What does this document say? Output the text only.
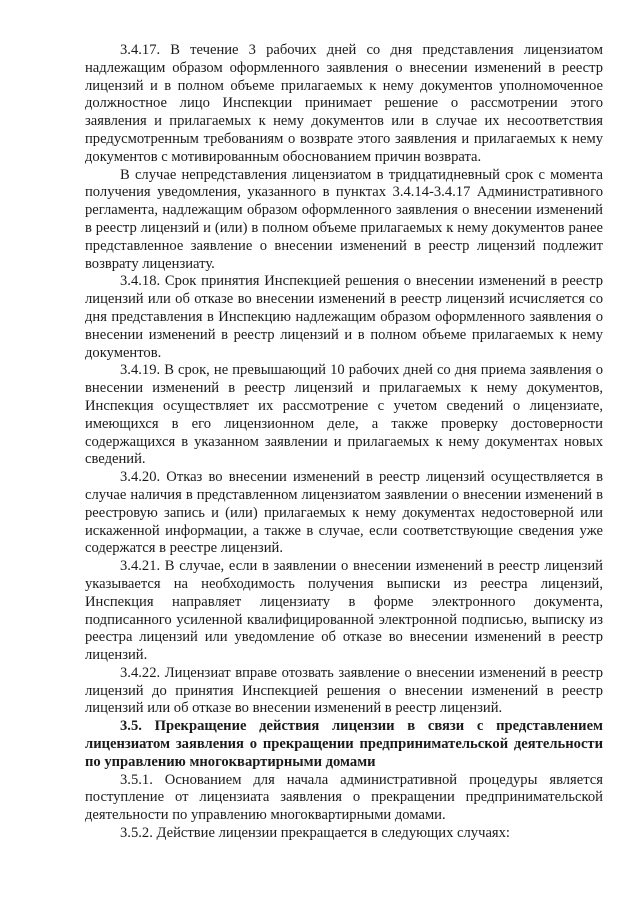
3.4.17. В течение 3 рабочих дней со дня представления лицензиатом надлежащим образом оформленного заявления о внесении изменений в реестр лицензий и в полном объеме прилагаемых к нему документов уполномоченное должностное лицо Инспекции принимает решение о рассмотрении этого заявления и прилагаемых к нему документов или в случае их несоответствия предусмотренным требованиям о возврате этого заявления и прилагаемых к нему документов с мотивированным обоснованием причин возврата.

В случае непредставления лицензиатом в тридцатидневный срок с момента получения уведомления, указанного в пунктах 3.4.14-3.4.17 Административного регламента, надлежащим образом оформленного заявления о внесении изменений в реестр лицензий и (или) в полном объеме прилагаемых к нему документов ранее представленное заявление о внесении изменений в реестр лицензий подлежит возврату лицензиату.

3.4.18. Срок принятия Инспекцией решения о внесении изменений в реестр лицензий или об отказе во внесении изменений в реестр лицензий исчисляется со дня представления в Инспекцию надлежащим образом оформленного заявления о внесении изменений в реестр лицензий и в полном объеме прилагаемых к нему документов.

3.4.19. В срок, не превышающий 10 рабочих дней со дня приема заявления о внесении изменений в реестр лицензий и прилагаемых к нему документов, Инспекция осуществляет их рассмотрение с учетом сведений о лицензиате, имеющихся в его лицензионном деле, а также проверку достоверности содержащихся в указанном заявлении и прилагаемых к нему документах новых сведений.

3.4.20. Отказ во внесении изменений в реестр лицензий осуществляется в случае наличия в представленном лицензиатом заявлении о внесении изменений в реестровую запись и (или) прилагаемых к нему документах недостоверной или искаженной информации, а также в случае, если соответствующие сведения уже содержатся в реестре лицензий.

3.4.21. В случае, если в заявлении о внесении изменений в реестр лицензий указывается на необходимость получения выписки из реестра лицензий, Инспекция направляет лицензиату в форме электронного документа, подписанного усиленной квалифицированной электронной подписью, выписку из реестра лицензий или уведомление об отказе во внесении изменений в реестр лицензий.

3.4.22. Лицензиат вправе отозвать заявление о внесении изменений в реестр лицензий до принятия Инспекцией решения о внесении изменений в реестр лицензий или об отказе во внесении изменений в реестр лицензий.

3.5. Прекращение действия лицензии в связи с представлением лицензиатом заявления о прекращении предпринимательской деятельности по управлению многоквартирными домами

3.5.1. Основанием для начала административной процедуры является поступление от лицензиата заявления о прекращении предпринимательской деятельности по управлению многоквартирными домами.

3.5.2. Действие лицензии прекращается в следующих случаях:
